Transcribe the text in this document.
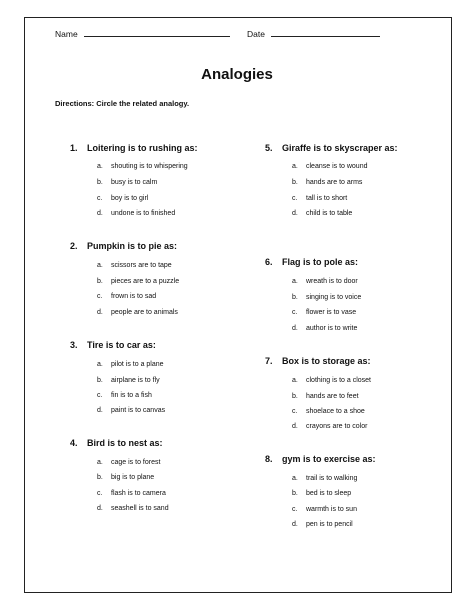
Name	Date
Analogies
Directions: Circle the related analogy.
1. Loitering is to rushing as:
a. shouting is to whispering
b. busy is to calm
c. boy is to girl
d. undone is to finished
2. Pumpkin is to pie as:
a. scissors are to tape
b. pieces are to a puzzle
c. frown is to sad
d. people are to animals
3. Tire is to car as:
a. pilot is to a plane
b. airplane is to fly
c. fin is to a fish
d. paint is to canvas
4. Bird is to nest as:
a. cage is to forest
b. big is to plane
c. flash is to camera
d. seashell is to sand
5. Giraffe is to skyscraper as:
a. cleanse is to wound
b. hands are to arms
c. tall is to short
d. child is to table
6. Flag is to pole as:
a. wreath is to door
b. singing is to voice
c. flower is to vase
d. author is to write
7. Box is to storage as:
a. clothing is to a closet
b. hands are to feet
c. shoelace to a shoe
d. crayons are to color
8. gym is to exercise as:
a. trail is to walking
b. bed is to sleep
c. warmth is to sun
d. pen is to pencil
